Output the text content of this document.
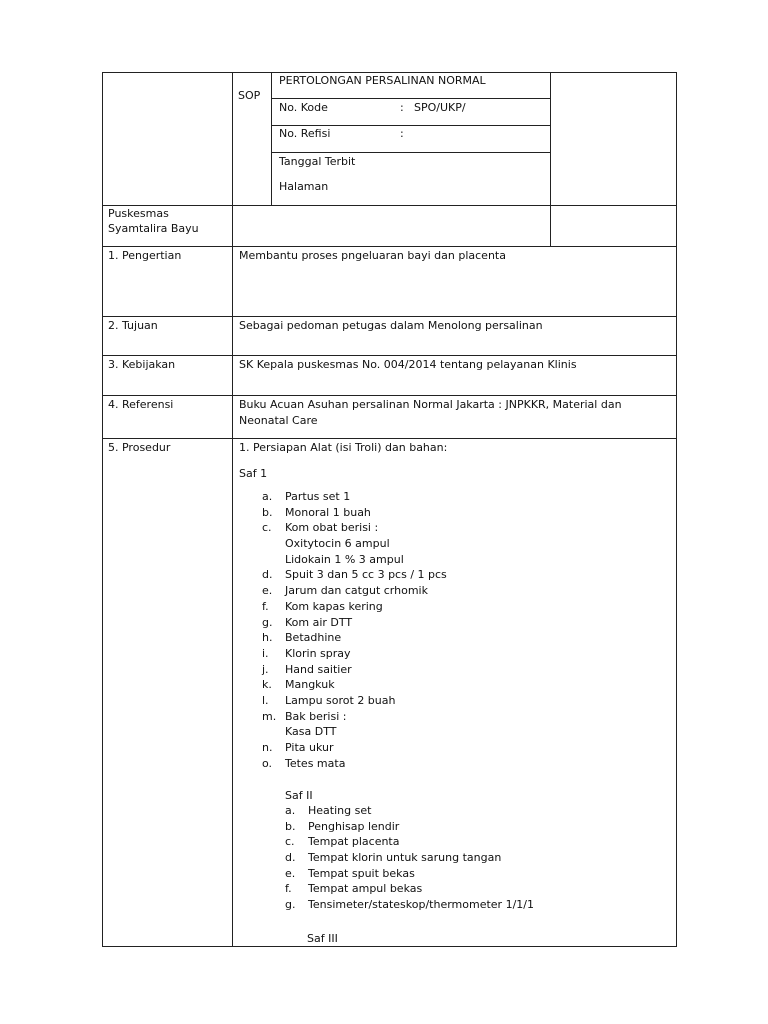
SOP
PERTOLONGAN PERSALINAN NORMAL
No. Kode	: SPO/UKP/
No. Refisi	:
Tanggal Terbit
Halaman
Puskesmas
Syamtalira Bayu
1. Pengertian	Membantu proses pngeluaran bayi dan placenta
2. Tujuan	Sebagai pedoman petugas dalam Menolong persalinan
3. Kebijakan	SK Kepala puskesmas No. 004/2014 tentang pelayanan Klinis
4. Referensi	Buku Acuan Asuhan persalinan Normal Jakarta : JNPKKR, Material dan
Neonatal Care
5. Prosedur	1. Persiapan Alat (isi Troli) dan bahan:
Saf 1
a. Partus set 1
b. Monoral 1 buah
c. Kom obat berisi :
Oxitytocin 6 ampul
Lidokain 1 % 3 ampul
d. Spuit 3 dan 5 cc 3 pcs / 1 pcs
e. Jarum dan catgut crhomik
f. Kom kapas kering
g. Kom air DTT
h. Betadhine
i. Klorin spray
j. Hand saitier
k. Mangkuk
l. Lampu sorot 2 buah
m. Bak berisi :
Kasa DTT
n. Pita ukur
o. Tetes mata
Saf II
a. Heating set
b. Penghisap lendir
c. Tempat placenta
d. Tempat klorin untuk sarung tangan
e. Tempat spuit bekas
f. Tempat ampul bekas
g. Tensimeter/stateskop/thermometer 1/1/1
Saf III
